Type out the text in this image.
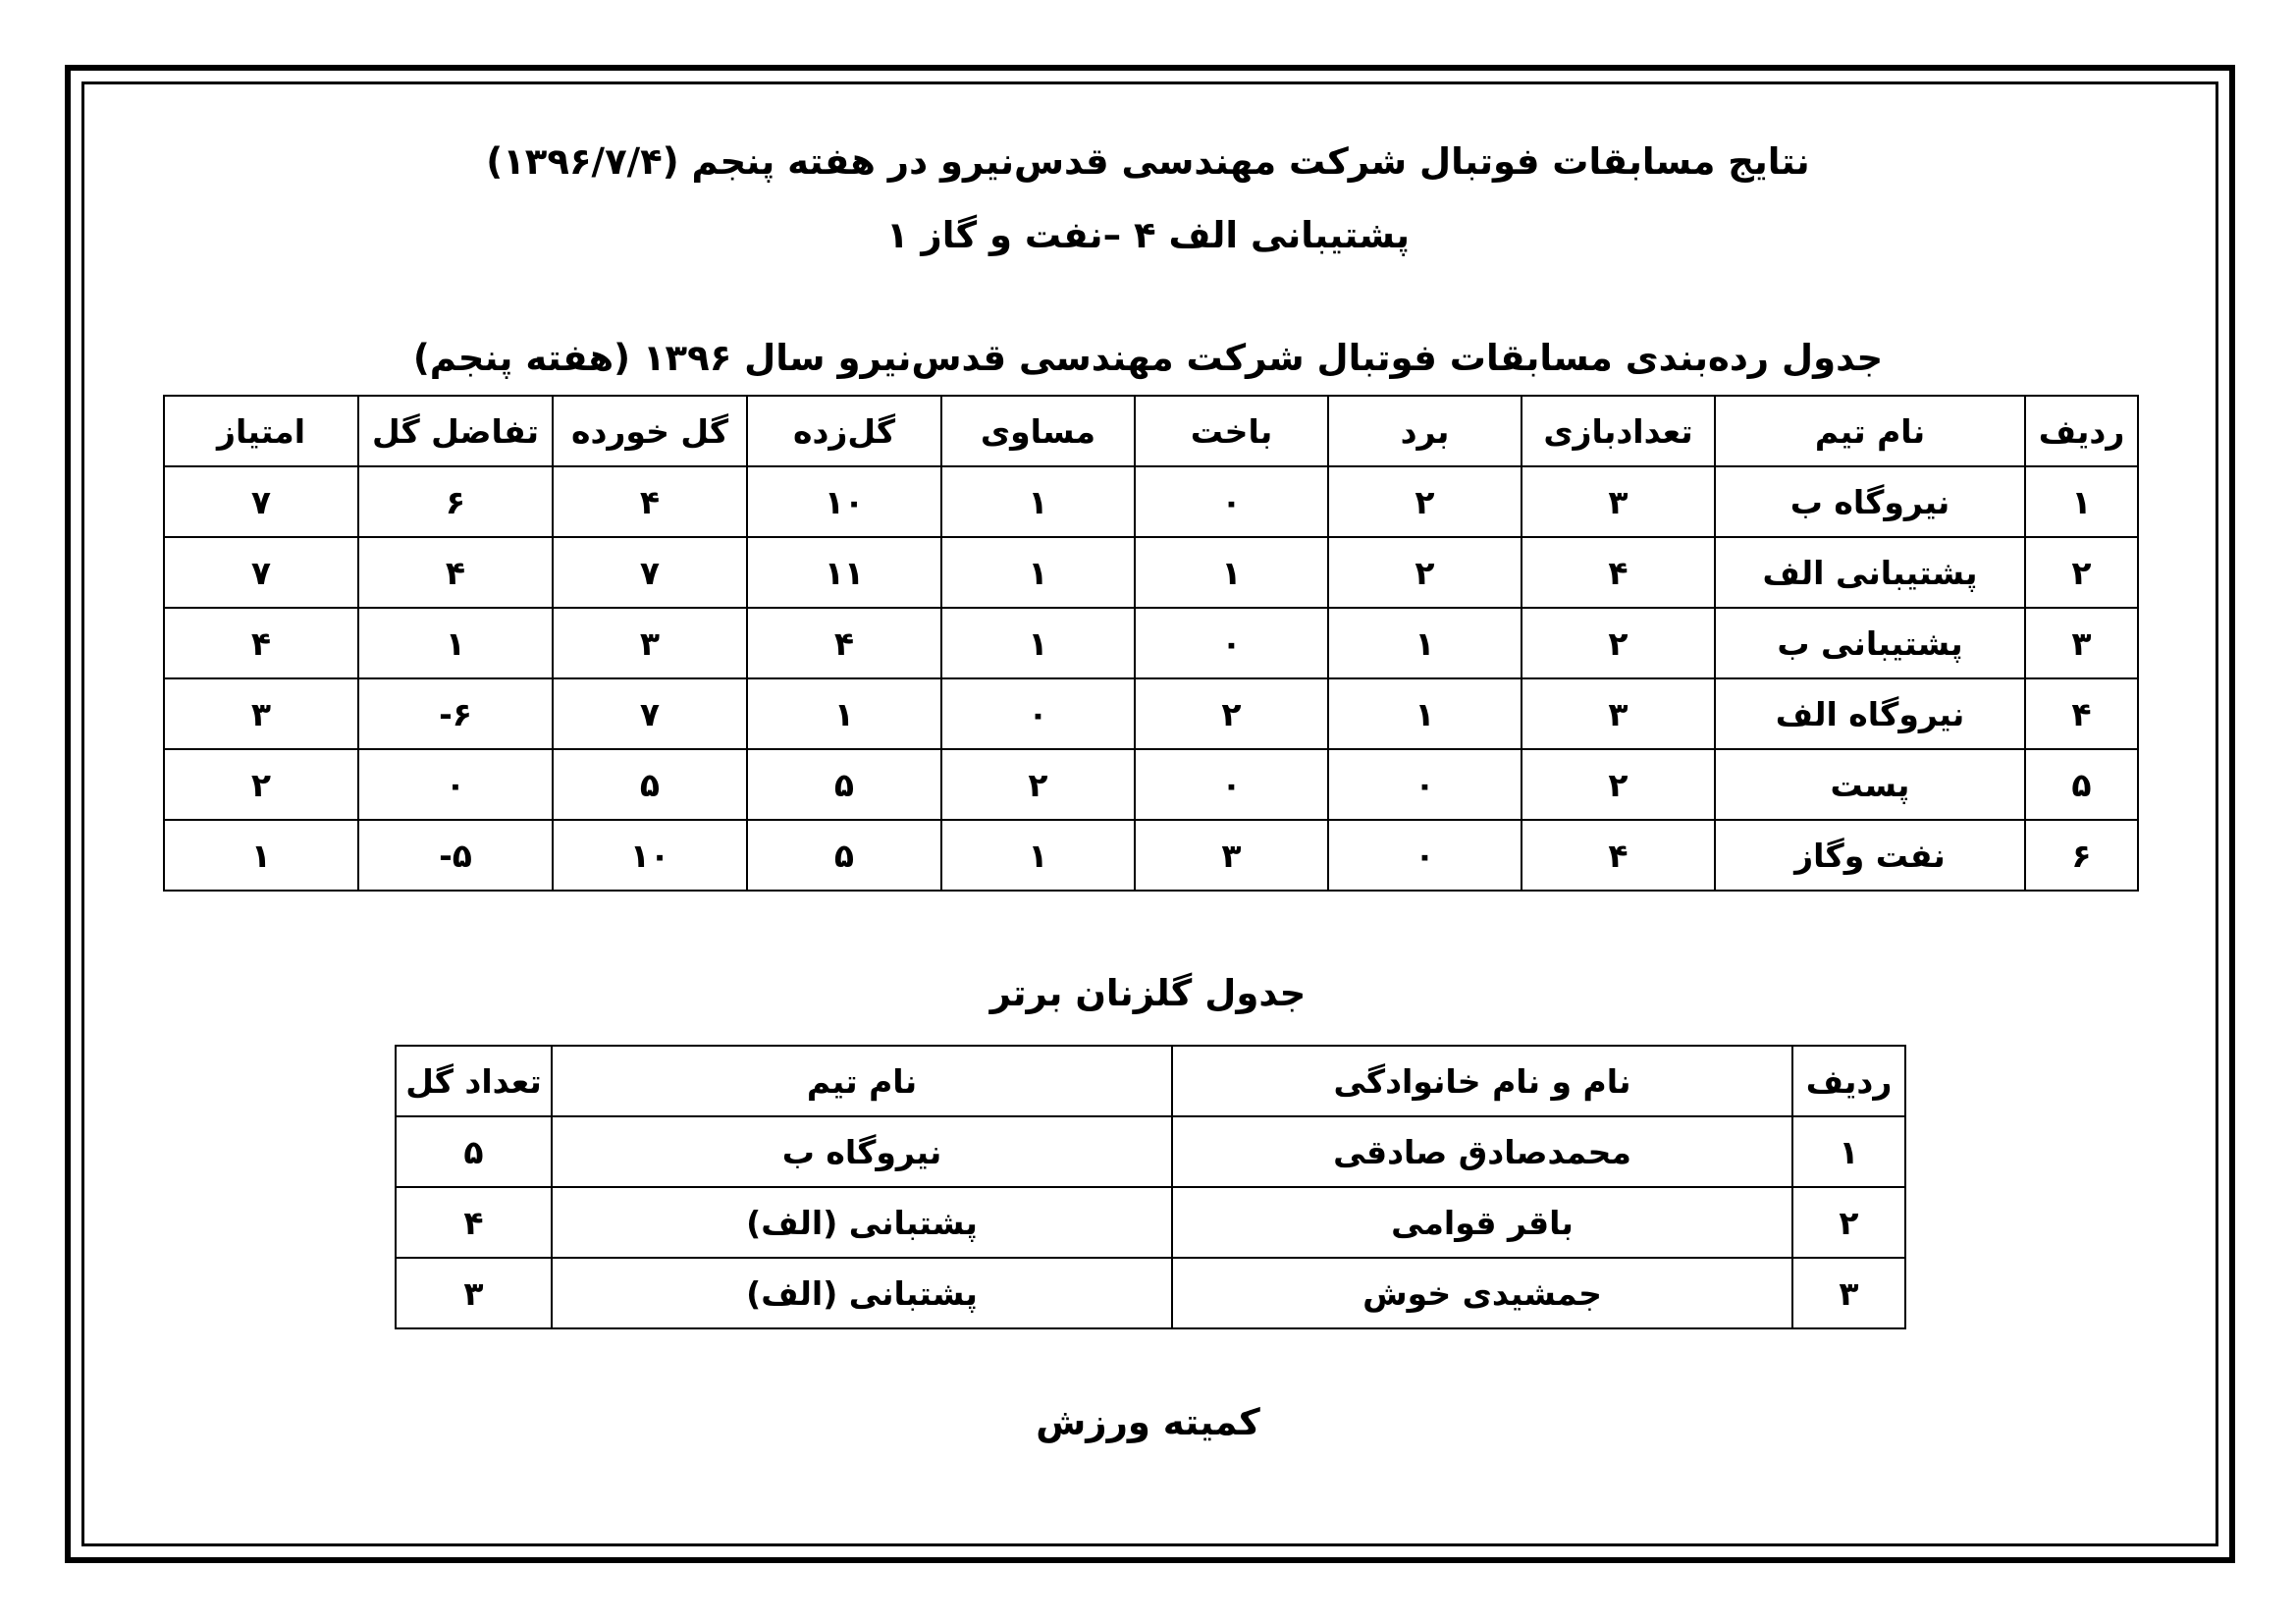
نتایج مسابقات فوتبال شرکت مهندسی قدس‌نیرو در هفته پنجم (۱۳۹۶/۷/۴)
پشتیبانی الف ۴ –نفت و گاز ۱
جدول رده‌بندی مسابقات فوتبال شرکت مهندسی قدس‌نیرو سال ۱۳۹۶ (هفته پنجم)
ردیف	نام تیم	تعدادبازی	برد	باخت	مساوی	گل‌زده	گل خورده	تفاضل گل	امتیاز
۱	نیروگاه ب	۳	۲	۰	۱	۱۰	۴	۶	۷
۲	پشتیبانی الف	۴	۲	۱	۱	۱۱	۷	۴	۷
۳	پشتیبانی ب	۲	۱	۰	۱	۴	۳	۱	۴
۴	نیروگاه الف	۳	۱	۲	۰	۱	۷	۶-	۳
۵	پست	۲	۰	۰	۲	۵	۵	۰	۲
۶	نفت وگاز	۴	۰	۳	۱	۵	۱۰	۵-	۱
جدول گلزنان برتر
ردیف	نام و نام خانوادگی	نام تیم	تعداد گل
۱	محمدصادق صادقی	نیروگاه ب	۵
۲	باقر قوامی	پشتبانی (الف)	۴
۳	جمشیدی خوش	پشتبانی (الف)	۳
کمیته ورزش
